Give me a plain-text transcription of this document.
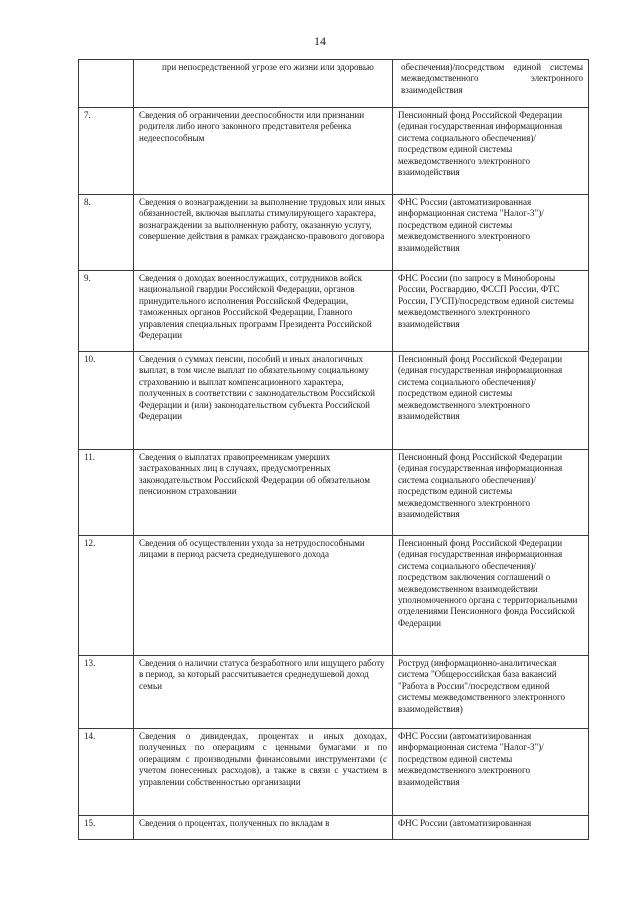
14
	при непосредственной угрозе его жизни или здоровью	обеспечения)/посредством единой системы межведомственного электронного взаимодействия

7.	Сведения об ограничении дееспособности или признании родителя либо иного законного представителя ребенка недееспособным	Пенсионный фонд Российской Федерации (единая государственная информационная система социального обеспечения)/посредством единой системы межведомственного электронного взаимодействия
8.	Сведения о вознаграждении за выполнение трудовых или иных обязанностей, включая выплаты стимулирующего характера, вознаграждении за выполненную работу, оказанную услугу, совершение действия в рамках гражданско-правового договора	ФНС России (автоматизированная информационная система "Налог-3")/посредством единой системы межведомственного электронного взаимодействия
9.	Сведения о доходах военнослужащих, сотрудников войск национальной гвардии Российской Федерации, органов принудительного исполнения Российской Федерации, таможенных органов Российской Федерации, Главного управления специальных программ Президента Российской Федерации	ФНС России (по запросу в Минобороны России, Росгвардию, ФССП России, ФТС России, ГУСП)/посредством единой системы межведомственного электронного взаимодействия
10.	Сведения о суммах пенсии, пособий и иных аналогичных выплат, в том числе выплат по обязательному социальному страхованию и выплат компенсационного характера, полученных в соответствии с законодательством Российской Федерации и (или) законодательством субъекта Российской Федерации	Пенсионный фонд Российской Федерации (единая государственная информационная система социального обеспечения)/посредством единой системы межведомственного электронного взаимодействия
11.	Сведения о выплатах правопреемникам умерших застрахованных лиц в случаях, предусмотренных законодательством Российской Федерации об обязательном пенсионном страховании	Пенсионный фонд Российской Федерации (единая государственная информационная система социального обеспечения)/посредством единой системы межведомственного электронного взаимодействия
12.	Сведения об осуществлении ухода за нетрудоспособными лицами в период расчета среднедушевого дохода	Пенсионный фонд Российской Федерации (единая государственная информационная система социального обеспечения)/посредством заключения соглашений о межведомственном взаимодействии уполномоченного органа с территориальными отделениями Пенсионного фонда Российской Федерации
13.	Сведения о наличии статуса безработного или ищущего работу в период, за который рассчитывается среднедушевой доход семьи	Роструд (информационно-аналитическая система "Общероссийская база вакансий "Работа в России"/посредством единой системы межведомственного электронного взаимодействия)
14.	Сведения о дивидендах, процентах и иных доходах, полученных по операциям с ценными бумагами и по операциям с производными финансовыми инструментами (с учетом понесенных расходов), а также в связи с участием в управлении собственностью организации	ФНС России (автоматизированная информационная система "Налог-3")/посредством единой системы межведомственного электронного взаимодействия
15.	Сведения о процентах, полученных по вкладам в	ФНС России (автоматизированная
